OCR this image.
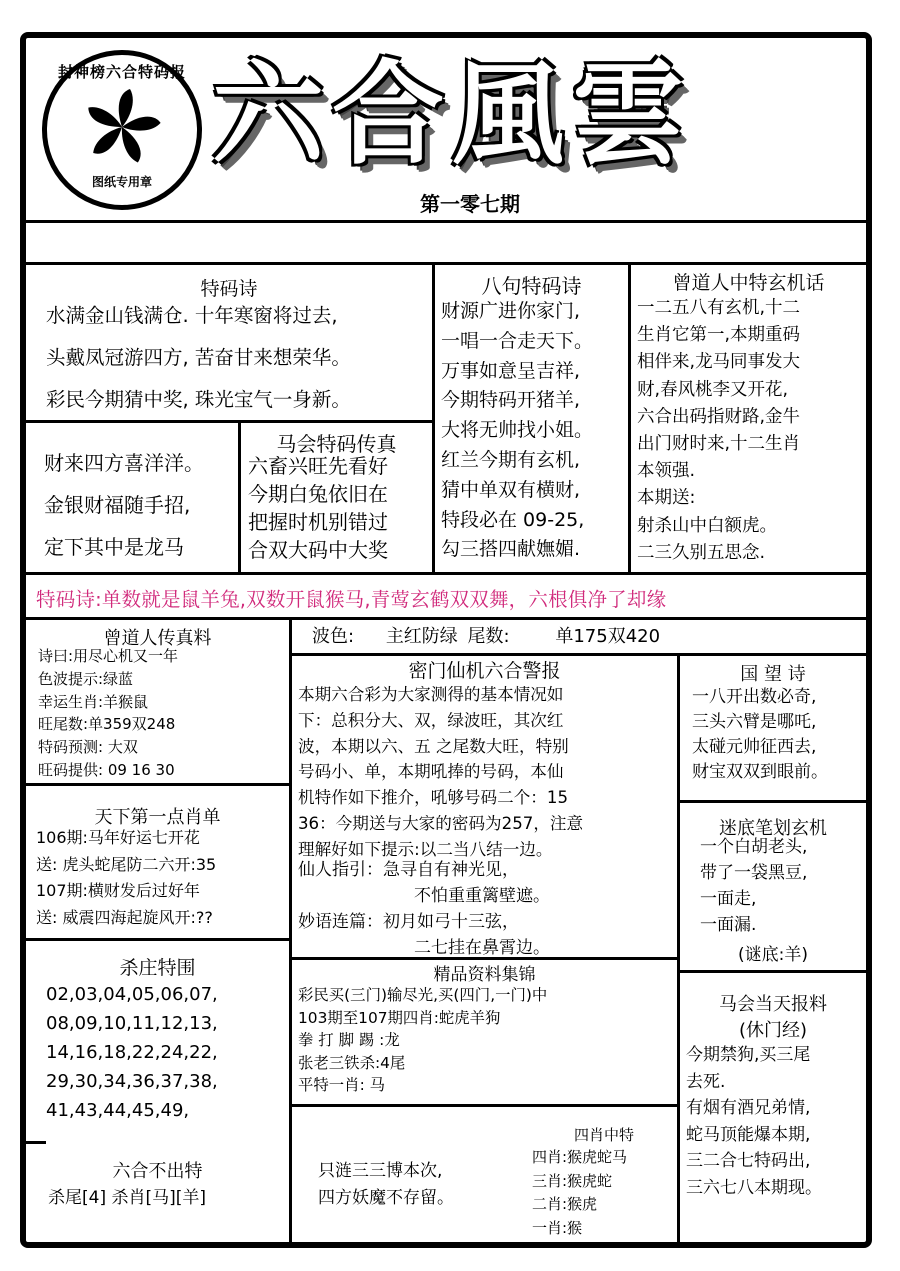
封神榜六合特码报
图纸专用章
六合風雲
第一零七期
特码诗
水满金山钱满仓. 十年寒窗将过去,
头戴凤冠游四方, 苦奋甘来想荣华。
彩民今期猜中奖, 珠光宝气一身新。
财来四方喜洋洋。
金银财福随手招,
定下其中是龙马
马会特码传真
六畜兴旺先看好
今期白兔依旧在
把握时机别错过
合双大码中大奖
八句特码诗
财源广进你家门,
一唱一合走天下。
万事如意呈吉祥,
今期特码开猪羊,
大将无帅找小姐。
红兰今期有玄机,
猜中单双有横财,
特段必在 09-25,
勾三搭四献嫵媚.
曾道人中特玄机话
一二五八有玄机,十二
生肖它第一,本期重码
相伴来,龙马同事发大
财,春风桃李又开花,
六合出码指财路,金牛
出门财时来,十二生肖
本领强.
本期送:
射杀山中白额虎。
二三久别五思念.
特码诗:单数就是鼠羊兔,双数开鼠猴马,青莺玄鹤双双舞，六根俱净了却缘
曾道人传真料
诗曰:用尽心机又一年
色波提示:绿蓝
幸运生肖:羊猴鼠
旺尾数:单359双248
特码预测: 大双
旺码提供: 09 16 30
波色: 主红防绿 尾数:	单175双420
密门仙机六合警报
本期六合彩为大家测得的基本情况如
下：总积分大、双，绿波旺，其次红
波，本期以六、五 之尾数大旺，特别
号码小、单，本期吼捧的号码，本仙
机特作如下推介，吼够号码二个：15
36：今期送与大家的密码为257，注意
理解好如下提示:以二当八结一边。
仙人指引：急寻自有神光见，
不怕重重篱壁遮。
妙语连篇：初月如弓十三弦，
二七挂在鼻霄边。
国 望 诗
一八开出数必奇,
三头六臂是哪吒,
太碰元帅征西去,
财宝双双到眼前。
迷底笔划玄机
一个白胡老头,
带了一袋黑豆,
一面走,
一面漏.
(谜底:羊)
天下第一点肖单
106期:马年好运七开花
送: 虎头蛇尾防二六开:35
107期:横财发后过好年
送: 威震四海起旋风开:??
杀庄特围
02,03,04,05,06,07,
08,09,10,11,12,13,
14,16,18,22,24,22,
29,30,34,36,37,38,
41,43,44,45,49,
精品资料集锦
彩民买(三门)输尽光,买(四门,一门)中
103期至107期四肖:蛇虎羊狗
拳 打 脚 踢 :龙
张老三铁杀:4尾
平特一肖: 马
马会当天报料
(休门经)
今期禁狗,买三尾
去死.
有烟有酒兄弟情,
蛇马顶能爆本期,
三二合七特码出,
三六七八本期现。
六合不出特
杀尾[4] 杀肖[马][羊]
只涟三三博本次,
四方妖魔不存留。
四肖中特
四肖:猴虎蛇马
三肖:猴虎蛇
二肖:猴虎
一肖:猴
